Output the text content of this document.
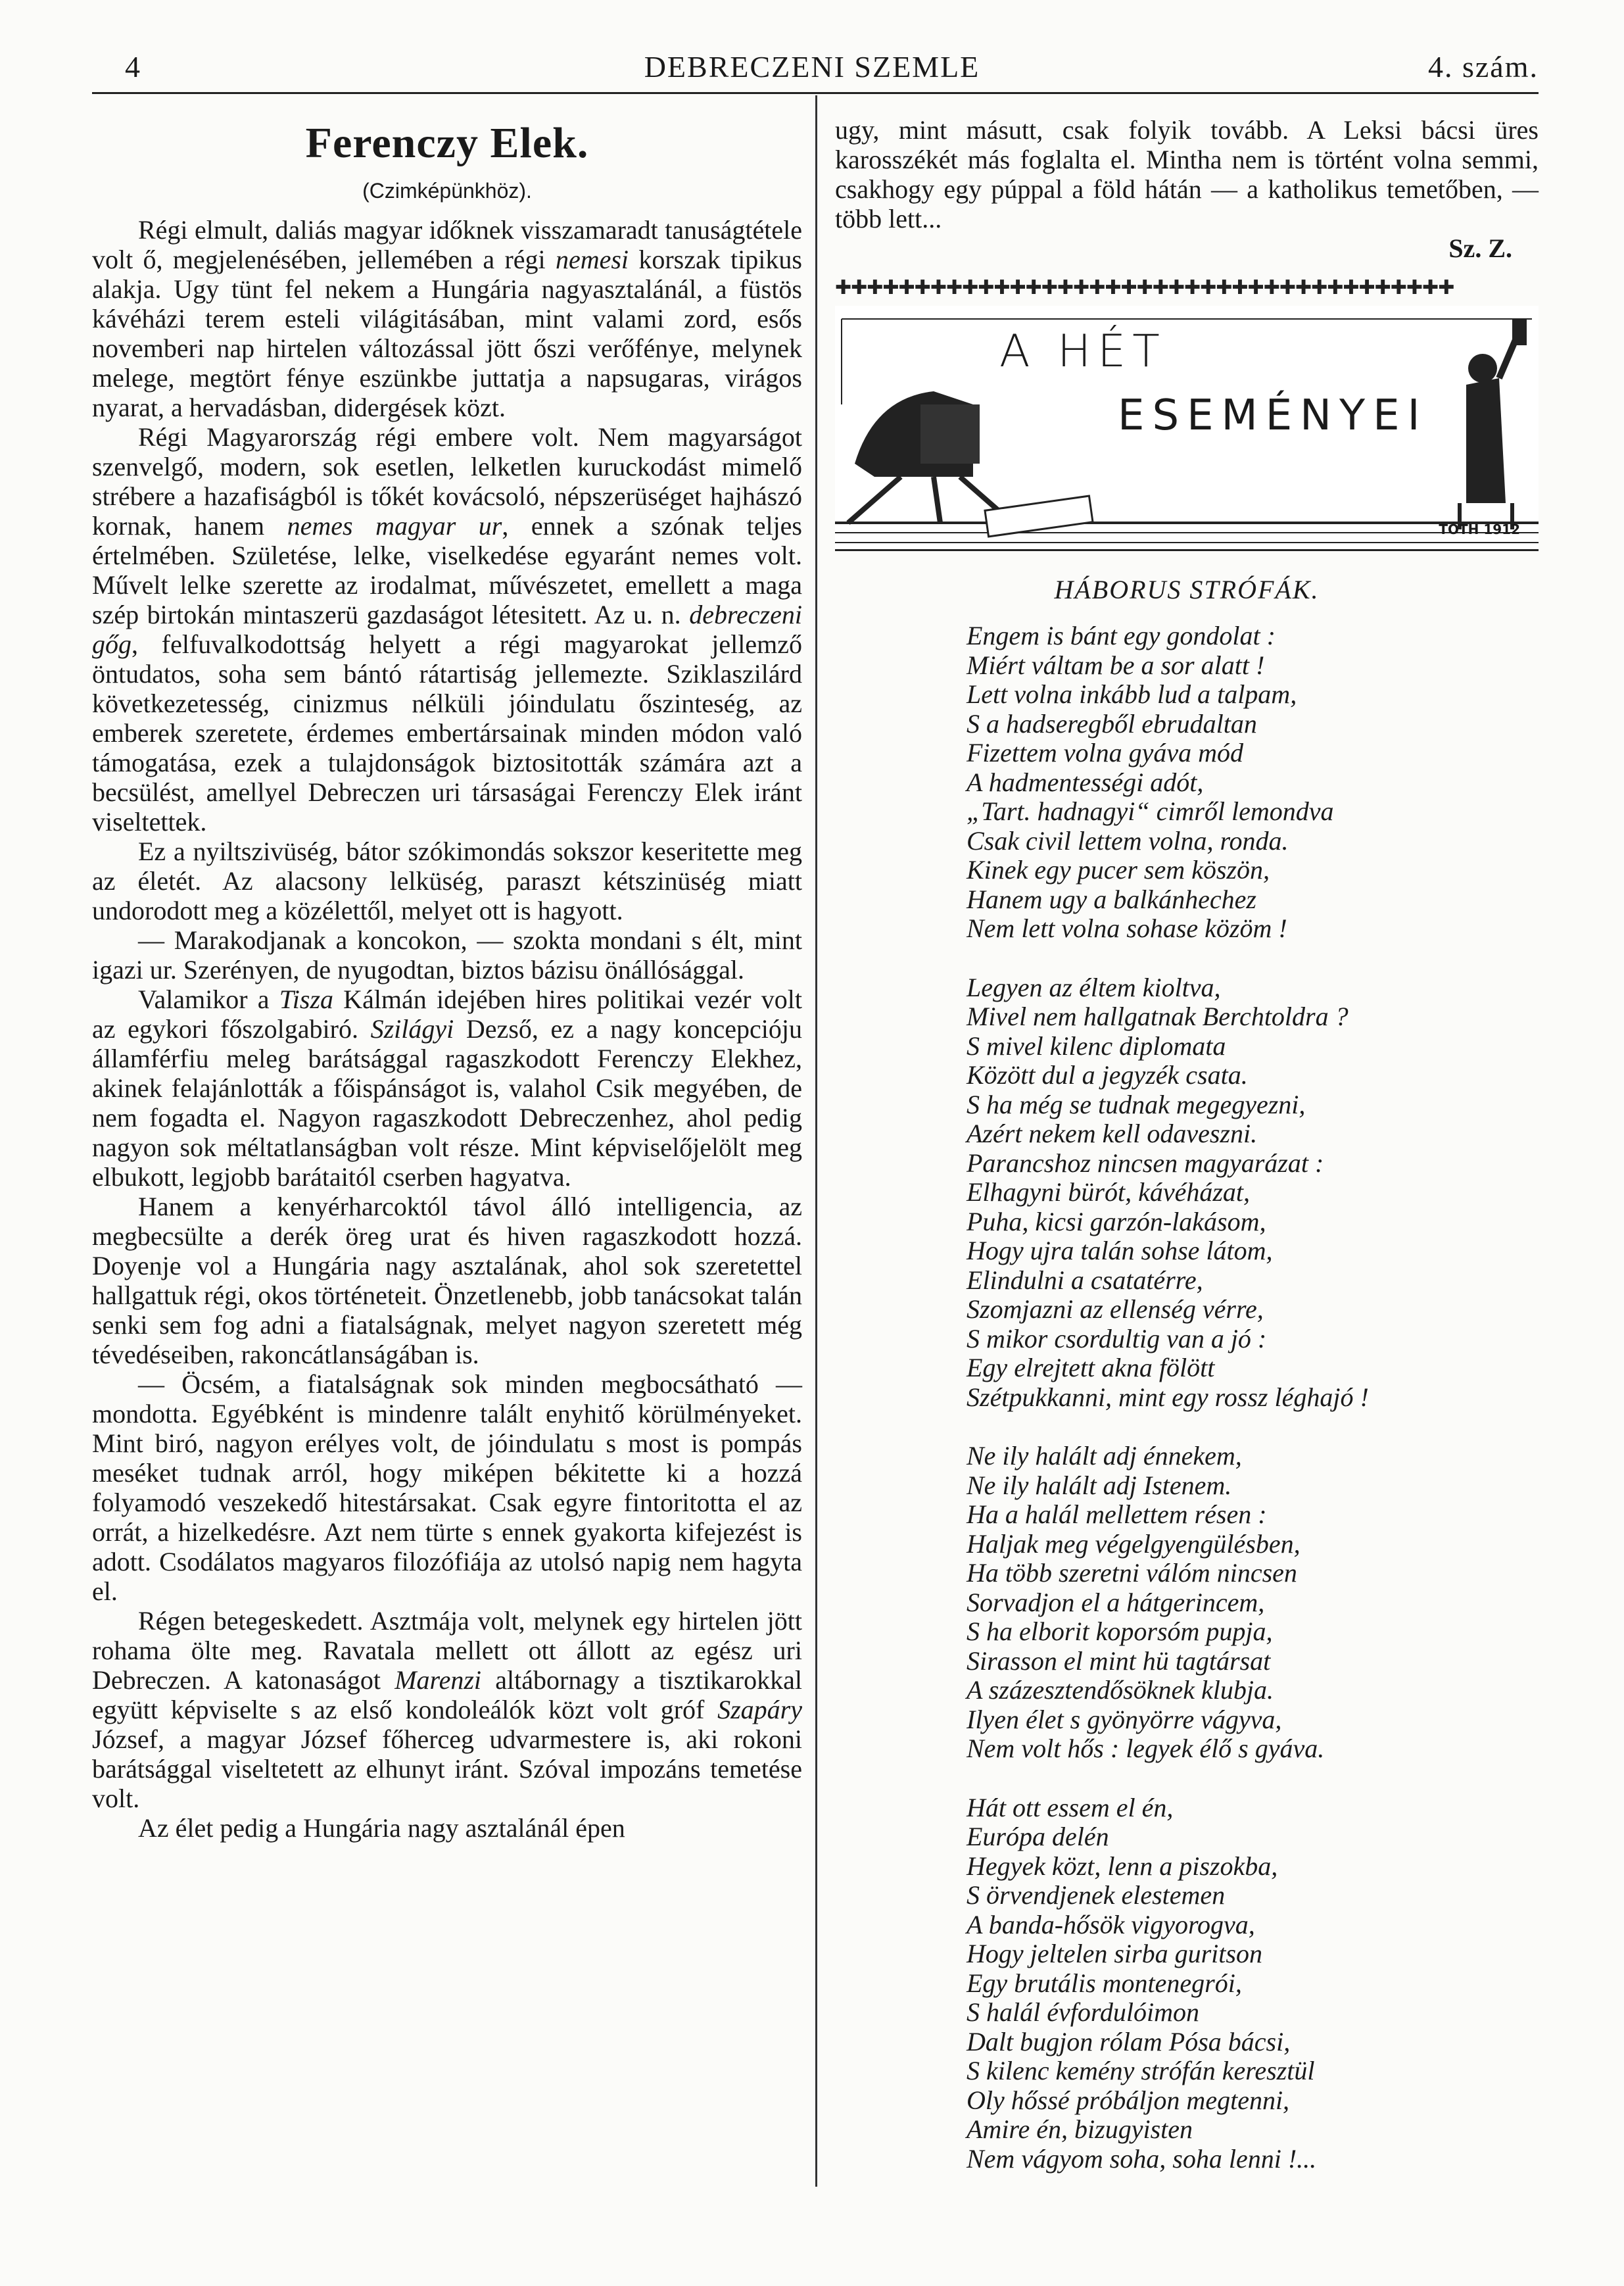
4	DEBRECZENI SZEMLE	4. szám.
Ferenczy Elek.
(Czimképünkhöz).

Régi elmult, daliás magyar időknek visszamaradt tanuságtétele volt ő, megjelenésében, jellemében a régi nemesi korszak tipikus alakja. Ugy tünt fel nekem a Hungária nagyasztalánál, a füstös kávéházi terem esteli világitásában, mint valami zord, esős novemberi nap hirtelen változással jött őszi verőfénye, melynek melege, megtört fénye eszünkbe juttatja a napsugaras, virágos nyarat, a hervadásban, didergések közt.

Régi Magyarország régi embere volt. Nem magyarságot szenvelgő, modern, sok esetlen, lelketlen kuruckodást mimelő strébere a hazafiságból is tőkét kovácsoló, népszerüséget hajhászó kornak, hanem nemes magyar ur, ennek a szónak teljes értelmében. Születése, lelke, viselkedése egyaránt nemes volt. Művelt lelke szerette az irodalmat, művészetet, emellett a maga szép birtokán mintaszerü gazdaságot létesitett. Az u. n. debreczeni gőg, felfuvalkodottság helyett a régi magyarokat jellemző öntudatos, soha sem bántó rátartiság jellemezte. Sziklaszilárd következetesség, cinizmus nélküli jóindulatu őszinteség, az emberek szeretete, érdemes embertársainak minden módon való támogatása, ezek a tulajdonságok biztositották számára azt a becsülést, amellyel Debreczen uri társaságai Ferenczy Elek iránt viseltettek.

Ez a nyiltszivüség, bátor szókimondás sokszor keseritette meg az életét. Az alacsony lelküség, paraszt kétszinüség miatt undorodott meg a közélettől, melyet ott is hagyott.

— Marakodjanak a koncokon, — szokta mondani s élt, mint igazi ur. Szerényen, de nyugodtan, biztos bázisu önállósággal.

Valamikor a Tisza Kálmán idejében hires politikai vezér volt az egykori főszolgabiró. Szilágyi Dezső, ez a nagy koncepcióju államférfiu meleg barátsággal ragaszkodott Ferenczy Elekhez, akinek felajánlották a főispánságot is, valahol Csik megyében, de nem fogadta el. Nagyon ragaszkodott Debreczenhez, ahol pedig nagyon sok méltatlanságban volt része. Mint képviselőjelölt meg elbukott, legjobb barátaitól cserben hagyatva.

Hanem a kenyérharcoktól távol álló intelligencia, az megbecsülte a derék öreg urat és hiven ragaszkodott hozzá. Doyenje vol a Hungária nagy asztalának, ahol sok szeretettel hallgattuk régi, okos történeteit. Önzetlenebb, jobb tanácsokat talán senki sem fog adni a fiatalságnak, melyet nagyon szeretett még tévedéseiben, rakoncátlanságában is.

— Öcsém, a fiatalságnak sok minden megbocsátható — mondotta. Egyébként is mindenre talált enyhitő körülményeket. Mint biró, nagyon erélyes volt, de jóindulatu s most is pompás meséket tudnak arról, hogy miképen békitette ki a hozzá folyamodó veszekedő hitestársakat. Csak egyre fintoritotta el az orrát, a hizelkedésre. Azt nem türte s ennek gyakorta kifejezést is adott. Csodálatos magyaros filozófiája az utolsó napig nem hagyta el.

Régen betegeskedett. Asztmája volt, melynek egy hirtelen jött rohama ölte meg. Ravatala mellett ott állott az egész uri Debreczen. A katonaságot Marenzi altábornagy a tisztikarokkal együtt képviselte s az első kondoleálók közt volt gróf Szapáry József, a magyar József főherceg udvarmestere is, aki rokoni barátsággal viseltetett az elhunyt iránt. Szóval impozáns temetése volt.

Az élet pedig a Hungária nagy asztalánál épen

ugy, mint másutt, csak folyik tovább. A Leksi bácsi üres karosszékét más foglalta el. Mintha nem is történt volna semmi, csakhogy egy púppal a föld hátán — a katholikus temetőben, — több lett...

Sz. Z.
✚✚✚✚✚✚✚✚✚✚✚✚✚✚✚✚✚✚✚✚✚✚✚✚✚✚✚✚✚✚✚✚✚✚✚✚✚✚✚
A HÉT
ESEMÉNYEI
TÓTH 1912
HÁBORUS STRÓFÁK.
Engem is bánt egy gondolat :
Miért váltam be a sor alatt !
Lett volna inkább lud a talpam,
S a hadseregből ebrudaltan
Fizettem volna gyáva mód
A hadmentességi adót,
„Tart. hadnagyi“ cimről lemondva
Csak civil lettem volna, ronda.
Kinek egy pucer sem köszön,
Hanem ugy a balkánhechez
Nem lett volna sohase közöm !
Legyen az éltem kioltva,
Mivel nem hallgatnak Berchtoldra ?
S mivel kilenc diplomata
Között dul a jegyzék csata.
S ha még se tudnak megegyezni,
Azért nekem kell odaveszni.
Parancshoz nincsen magyarázat :
Elhagyni bürót, kávéházat,
Puha, kicsi garzón-lakásom,
Hogy ujra talán sohse látom,
Elindulni a csatatérre,
Szomjazni az ellenség vérre,
S mikor csordultig van a jó :
Egy elrejtett akna fölött
Szétpukkanni, mint egy rossz léghajó !
Ne ily halált adj énnekem,
Ne ily halált adj Istenem.
Ha a halál mellettem résen :
Haljak meg végelgyengülésben,
Ha több szeretni válóm nincsen
Sorvadjon el a hátgerincem,
S ha elborit koporsóm pupja,
Sirasson el mint hü tagtársat
A százesztendősöknek klubja.
Ilyen élet s gyönyörre vágyva,
Nem volt hős : legyek élő s gyáva.
Hát ott essem el én,
Európa delén
Hegyek közt, lenn a piszokba,
S örvendjenek elestemen
A banda-hősök vigyorogva,
Hogy jeltelen sirba guritson
Egy brutális montenegrói,
S halál évfordulóimon
Dalt bugjon rólam Pósa bácsi,
S kilenc kemény strófán keresztül
Oly hőssé próbáljon megtenni,
Amire én, bizugyisten
Nem vágyom soha, soha lenni !...
